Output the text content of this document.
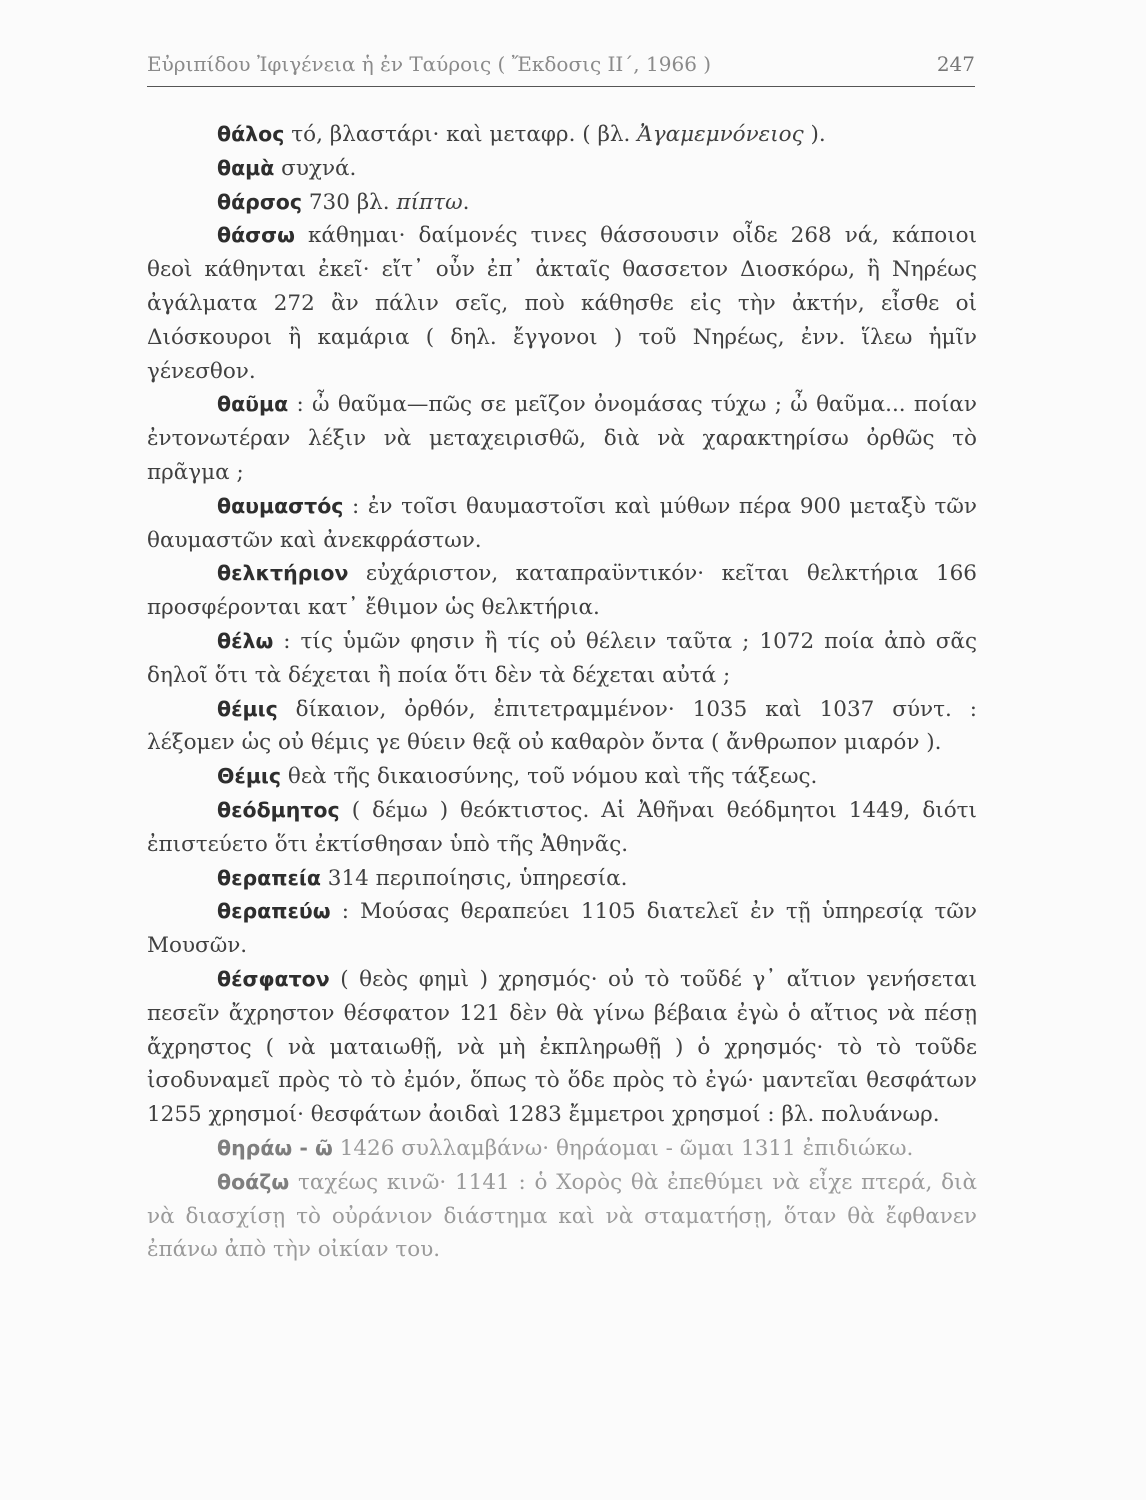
Εὐριπίδου Ἰφιγένεια ἡ ἐν Ταύροις ( Ἔκδοσις ΙΙ΄, 1966 )	247

θάλος τό, βλαστάρι· καὶ μεταφρ. ( βλ. Ἀγαμεμνόνειος ).

θαμὰ συχνά.

θάρσος 730 βλ. πίπτω.

θάσσω κάθημαι· δαίμονές τινες θάσσουσιν οἶδε 268 νά, κάποιοι θεοὶ κάθηνται ἐκεῖ· εἴτ᾽ οὖν ἐπ᾽ ἀκταῖς θασσετον Διοσκόρω, ἢ Νηρέως ἀγάλματα 272 ἂν πάλιν σεῖς, ποὺ κάθησθε εἰς τὴν ἀκτήν, εἶσθε οἱ Διόσκουροι ἢ καμάρια ( δηλ. ἔγγονοι ) τοῦ Νηρέως, ἐνν. ἵλεω ἡμῖν γένεσθον.

θαῦμα : ὦ θαῦμα—πῶς σε μεῖζον ὀνομάσας τύχω ; ὦ θαῦμα... ποίαν ἐντονωτέραν λέξιν νὰ μεταχειρισθῶ, διὰ νὰ χαρακτηρίσω ὀρθῶς τὸ πρᾶγμα ;

θαυμαστός : ἐν τοῖσι θαυμαστοῖσι καὶ μύθων πέρα 900 μεταξὺ τῶν θαυμαστῶν καὶ ἀνεκφράστων.

θελκτήριον εὐχάριστον, καταπραϋντικόν· κεῖται θελκτήρια 166 προσφέρονται κατ᾽ ἔθιμον ὡς θελκτήρια.

θέλω : τίς ὑμῶν φησιν ἢ τίς οὐ θέλειν ταῦτα ; 1072 ποία ἀπὸ σᾶς δηλοῖ ὅτι τὰ δέχεται ἢ ποία ὅτι δὲν τὰ δέχεται αὐτά ;

θέμις δίκαιον, ὀρθόν, ἐπιτετραμμένον· 1035 καὶ 1037 σύντ. : λέξομεν ὡς οὐ θέμις γε θύειν θεᾷ οὐ καθαρὸν ὄντα ( ἄνθρωπον μιαρόν ).

Θέμις θεὰ τῆς δικαιοσύνης, τοῦ νόμου καὶ τῆς τάξεως.

θεόδμητος ( δέμω ) θεόκτιστος. Αἱ Ἀθῆναι θεόδμητοι 1449, διότι ἐπιστεύετο ὅτι ἐκτίσθησαν ὑπὸ τῆς Ἀθηνᾶς.

θεραπεία 314 περιποίησις, ὑπηρεσία.

θεραπεύω : Μούσας θεραπεύει 1105 διατελεῖ ἐν τῇ ὑπηρεσίᾳ τῶν Μουσῶν.

θέσφατον ( θεὸς φημὶ ) χρησμός· οὐ τὸ τοῦδέ γ᾽ αἴτιον γενήσεται πεσεῖν ἄχρηστον θέσφατον 121 δὲν θὰ γίνω βέβαια ἐγὼ ὁ αἴτιος νὰ πέσῃ ἄχρηστος ( νὰ ματαιωθῇ, νὰ μὴ ἐκπληρωθῇ ) ὁ χρησμός· τὸ τὸ τοῦδε ἰσοδυναμεῖ πρὸς τὸ τὸ ἐμόν, ὅπως τὸ ὅδε πρὸς τὸ ἐγώ· μαντεῖαι θεσφάτων 1255 χρησμοί· θεσφάτων ἀοιδαὶ 1283 ἔμμετροι χρησμοί : βλ. πολυάνωρ.

θηράω - ῶ 1426 συλλαμβάνω· θηράομαι - ῶμαι 1311 ἐπιδιώκω.

θοάζω ταχέως κινῶ· 1141 : ὁ Χορὸς θὰ ἐπεθύμει νὰ εἶχε πτερά, διὰ νὰ διασχίσῃ τὸ οὐράνιον διάστημα καὶ νὰ σταματήσῃ, ὅταν θὰ ἔφθανεν ἐπάνω ἀπὸ τὴν οἰκίαν του.
